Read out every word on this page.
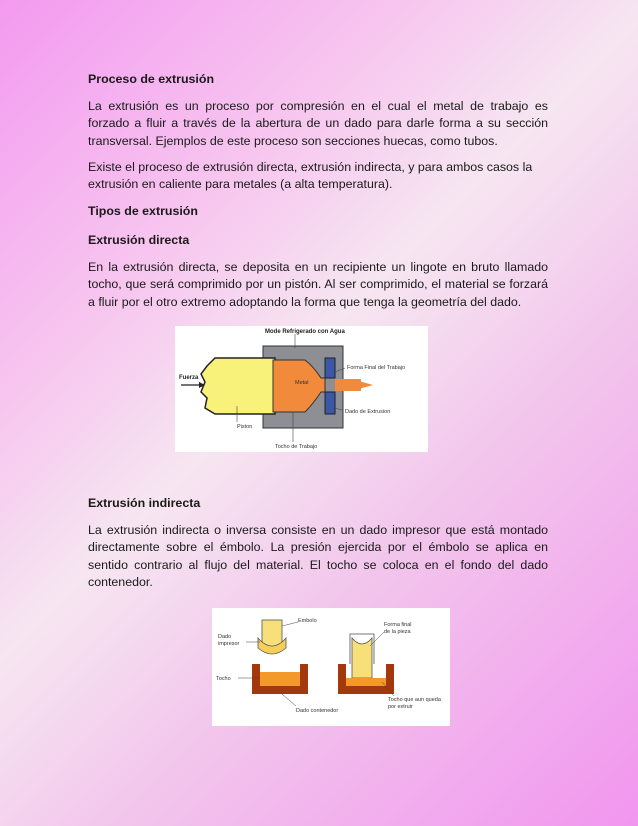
Proceso de extrusión

La extrusión es un proceso por compresión en el cual el metal de trabajo es forzado a fluir a través de la abertura de un dado para darle forma a su sección transversal. Ejemplos de este proceso son secciones huecas, como tubos.

Existe el proceso de extrusión directa, extrusión indirecta, y para ambos casos la extrusión en caliente para metales (a alta temperatura).

Tipos de extrusión
Extrusión directa

En la extrusión directa, se deposita en un recipiente un lingote en bruto llamado tocho, que será comprimido por un pistón. Al ser comprimido, el material se forzará a fluir por el otro extremo adoptando la forma que tenga la geometría del dado.

Mode Refrigerado con Agua
Fuerza
Metal
Forma Final del Trabajo
Dado de Extrusion
Piston
Tocho de Trabajo
Extrusión indirecta

La extrusión indirecta o inversa consiste en un dado impresor que está montado directamente sobre el émbolo. La presión ejercida por el émbolo se aplica en sentido contrario al flujo del material. El tocho se coloca en el fondo del dado contenedor.

Embolo
Dado
impresor
Tocho
Dado contenedor
Forma final
de la pieza
Tocho que aun queda
por extruir
